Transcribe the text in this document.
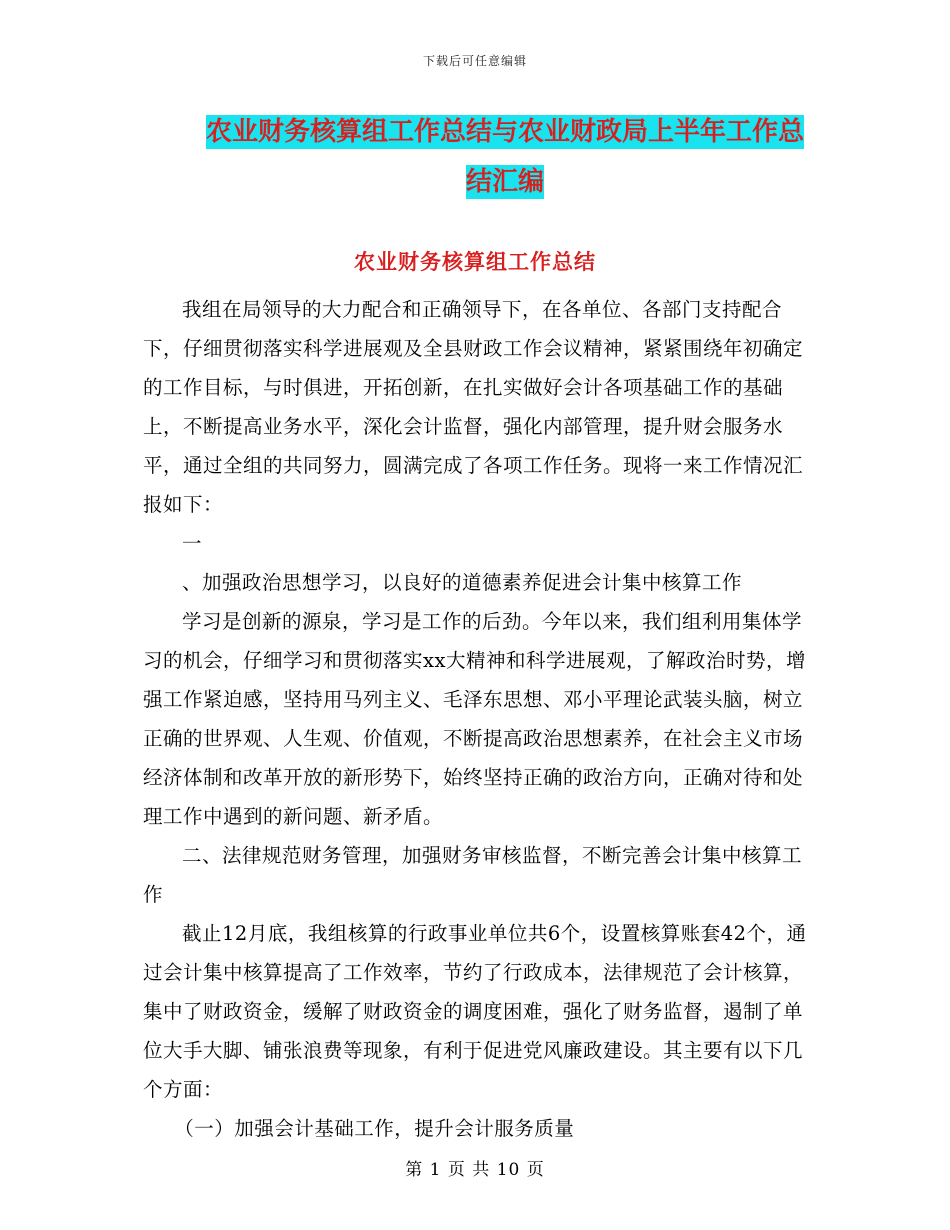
下载后可任意编辑
农业财务核算组工作总结与农业财政局上半年工作总
结汇编
农业财务核算组工作总结

我组在局领导的大力配合和正确领导下，在各单位、各部门支持配合下，仔细贯彻落实科学进展观及全县财政工作会议精神，紧紧围绕年初确定的工作目标，与时俱进，开拓创新，在扎实做好会计各项基础工作的基础上，不断提高业务水平，深化会计监督，强化内部管理，提升财会服务水平，通过全组的共同努力，圆满完成了各项工作任务。现将一来工作情况汇报如下：

一

、加强政治思想学习，以良好的道德素养促进会计集中核算工作

学习是创新的源泉，学习是工作的后劲。今年以来，我们组利用集体学习的机会，仔细学习和贯彻落实xx大精神和科学进展观，了解政治时势，增强工作紧迫感，坚持用马列主义、毛泽东思想、邓小平理论武装头脑，树立正确的世界观、人生观、价值观，不断提高政治思想素养，在社会主义市场经济体制和改革开放的新形势下，始终坚持正确的政治方向，正确对待和处理工作中遇到的新问题、新矛盾。

二、法律规范财务管理，加强财务审核监督，不断完善会计集中核算工作

截止12月底，我组核算的行政事业单位共6个，设置核算账套42个，通过会计集中核算提高了工作效率，节约了行政成本，法律规范了会计核算，集中了财政资金，缓解了财政资金的调度困难，强化了财务监督，遏制了单位大手大脚、铺张浪费等现象，有利于促进党风廉政建设。其主要有以下几个方面：

（一）加强会计基础工作，提升会计服务质量

第 1 页 共 10 页
